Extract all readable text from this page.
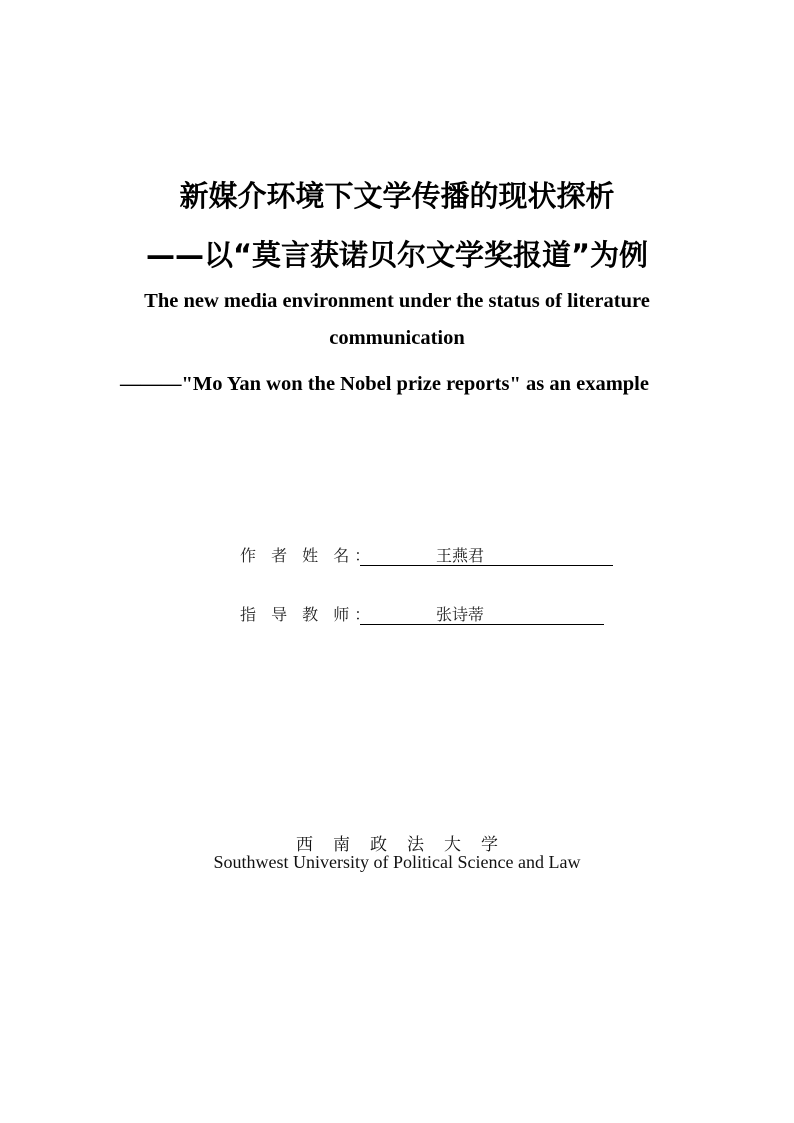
新媒介环境下文学传播的现状探析
——以“莫言获诺贝尔文学奖报道”为例
The new media environment under the status of literature
communication
———"Mo Yan won the Nobel prize reports" as an example
作 者 姓 名：	王燕君
指 导 教 师：	张诗蒂
西南政法大学
Southwest University of Political Science and Law
